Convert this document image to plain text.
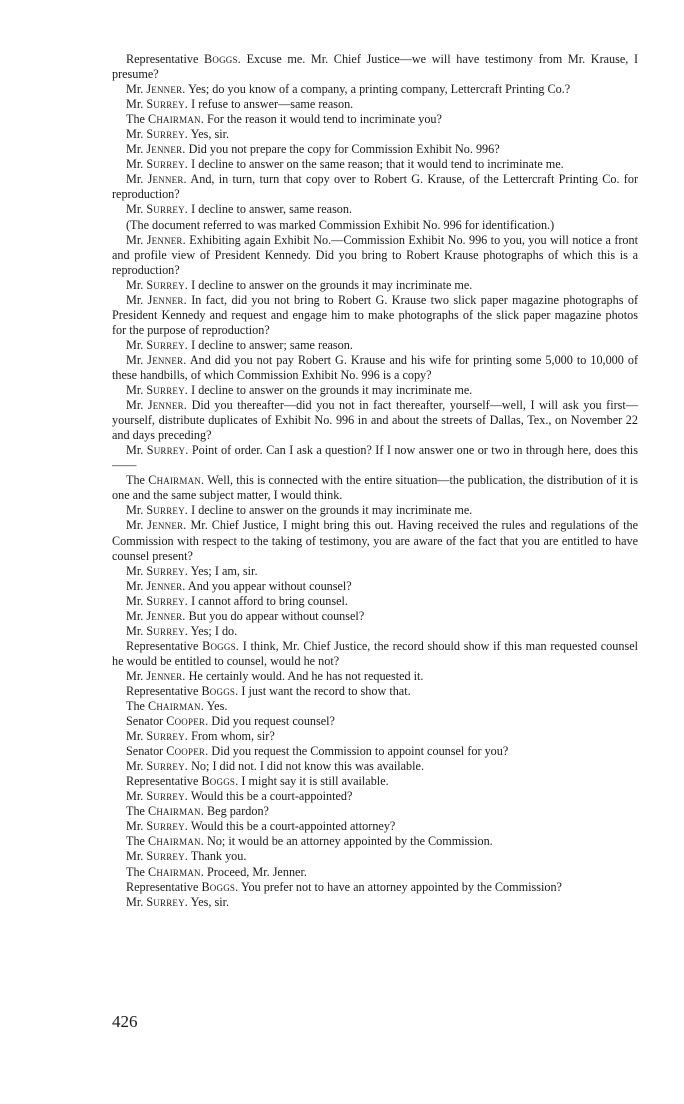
Representative Boggs. Excuse me. Mr. Chief Justice—we will have testimony from Mr. Krause, I presume?

Mr. Jenner. Yes; do you know of a company, a printing company, Lettercraft Printing Co.?

Mr. Surrey. I refuse to answer—same reason.

The Chairman. For the reason it would tend to incriminate you?

Mr. Surrey. Yes, sir.

Mr. Jenner. Did you not prepare the copy for Commission Exhibit No. 996?

Mr. Surrey. I decline to answer on the same reason; that it would tend to incriminate me.

Mr. Jenner. And, in turn, turn that copy over to Robert G. Krause, of the Lettercraft Printing Co. for reproduction?

Mr. Surrey. I decline to answer, same reason.

(The document referred to was marked Commission Exhibit No. 996 for identification.)

Mr. Jenner. Exhibiting again Exhibit No.—Commission Exhibit No. 996 to you, you will notice a front and profile view of President Kennedy. Did you bring to Robert Krause photographs of which this is a reproduction?

Mr. Surrey. I decline to answer on the grounds it may incriminate me.

Mr. Jenner. In fact, did you not bring to Robert G. Krause two slick paper magazine photographs of President Kennedy and request and engage him to make photographs of the slick paper magazine photos for the purpose of reproduction?

Mr. Surrey. I decline to answer; same reason.

Mr. Jenner. And did you not pay Robert G. Krause and his wife for printing some 5,000 to 10,000 of these handbills, of which Commission Exhibit No. 996 is a copy?

Mr. Surrey. I decline to answer on the grounds it may incriminate me.

Mr. Jenner. Did you thereafter—did you not in fact thereafter, yourself—well, I will ask you first—yourself, distribute duplicates of Exhibit No. 996 in and about the streets of Dallas, Tex., on November 22 and days preceding?

Mr. Surrey. Point of order. Can I ask a question? If I now answer one or two in through here, does this——

The Chairman. Well, this is connected with the entire situation—the publication, the distribution of it is one and the same subject matter, I would think.

Mr. Surrey. I decline to answer on the grounds it may incriminate me.

Mr. Jenner. Mr. Chief Justice, I might bring this out. Having received the rules and regulations of the Commission with respect to the taking of testimony, you are aware of the fact that you are entitled to have counsel present?

Mr. Surrey. Yes; I am, sir.

Mr. Jenner. And you appear without counsel?

Mr. Surrey. I cannot afford to bring counsel.

Mr. Jenner. But you do appear without counsel?

Mr. Surrey. Yes; I do.

Representative Boggs. I think, Mr. Chief Justice, the record should show if this man requested counsel he would be entitled to counsel, would he not?

Mr. Jenner. He certainly would. And he has not requested it.

Representative Boggs. I just want the record to show that.

The Chairman. Yes.

Senator Cooper. Did you request counsel?

Mr. Surrey. From whom, sir?

Senator Cooper. Did you request the Commission to appoint counsel for you?

Mr. Surrey. No; I did not. I did not know this was available.

Representative Boggs. I might say it is still available.

Mr. Surrey. Would this be a court-appointed?

The Chairman. Beg pardon?

Mr. Surrey. Would this be a court-appointed attorney?

The Chairman. No; it would be an attorney appointed by the Commission.

Mr. Surrey. Thank you.

The Chairman. Proceed, Mr. Jenner.

Representative Boggs. You prefer not to have an attorney appointed by the Commission?

Mr. Surrey. Yes, sir.

426
